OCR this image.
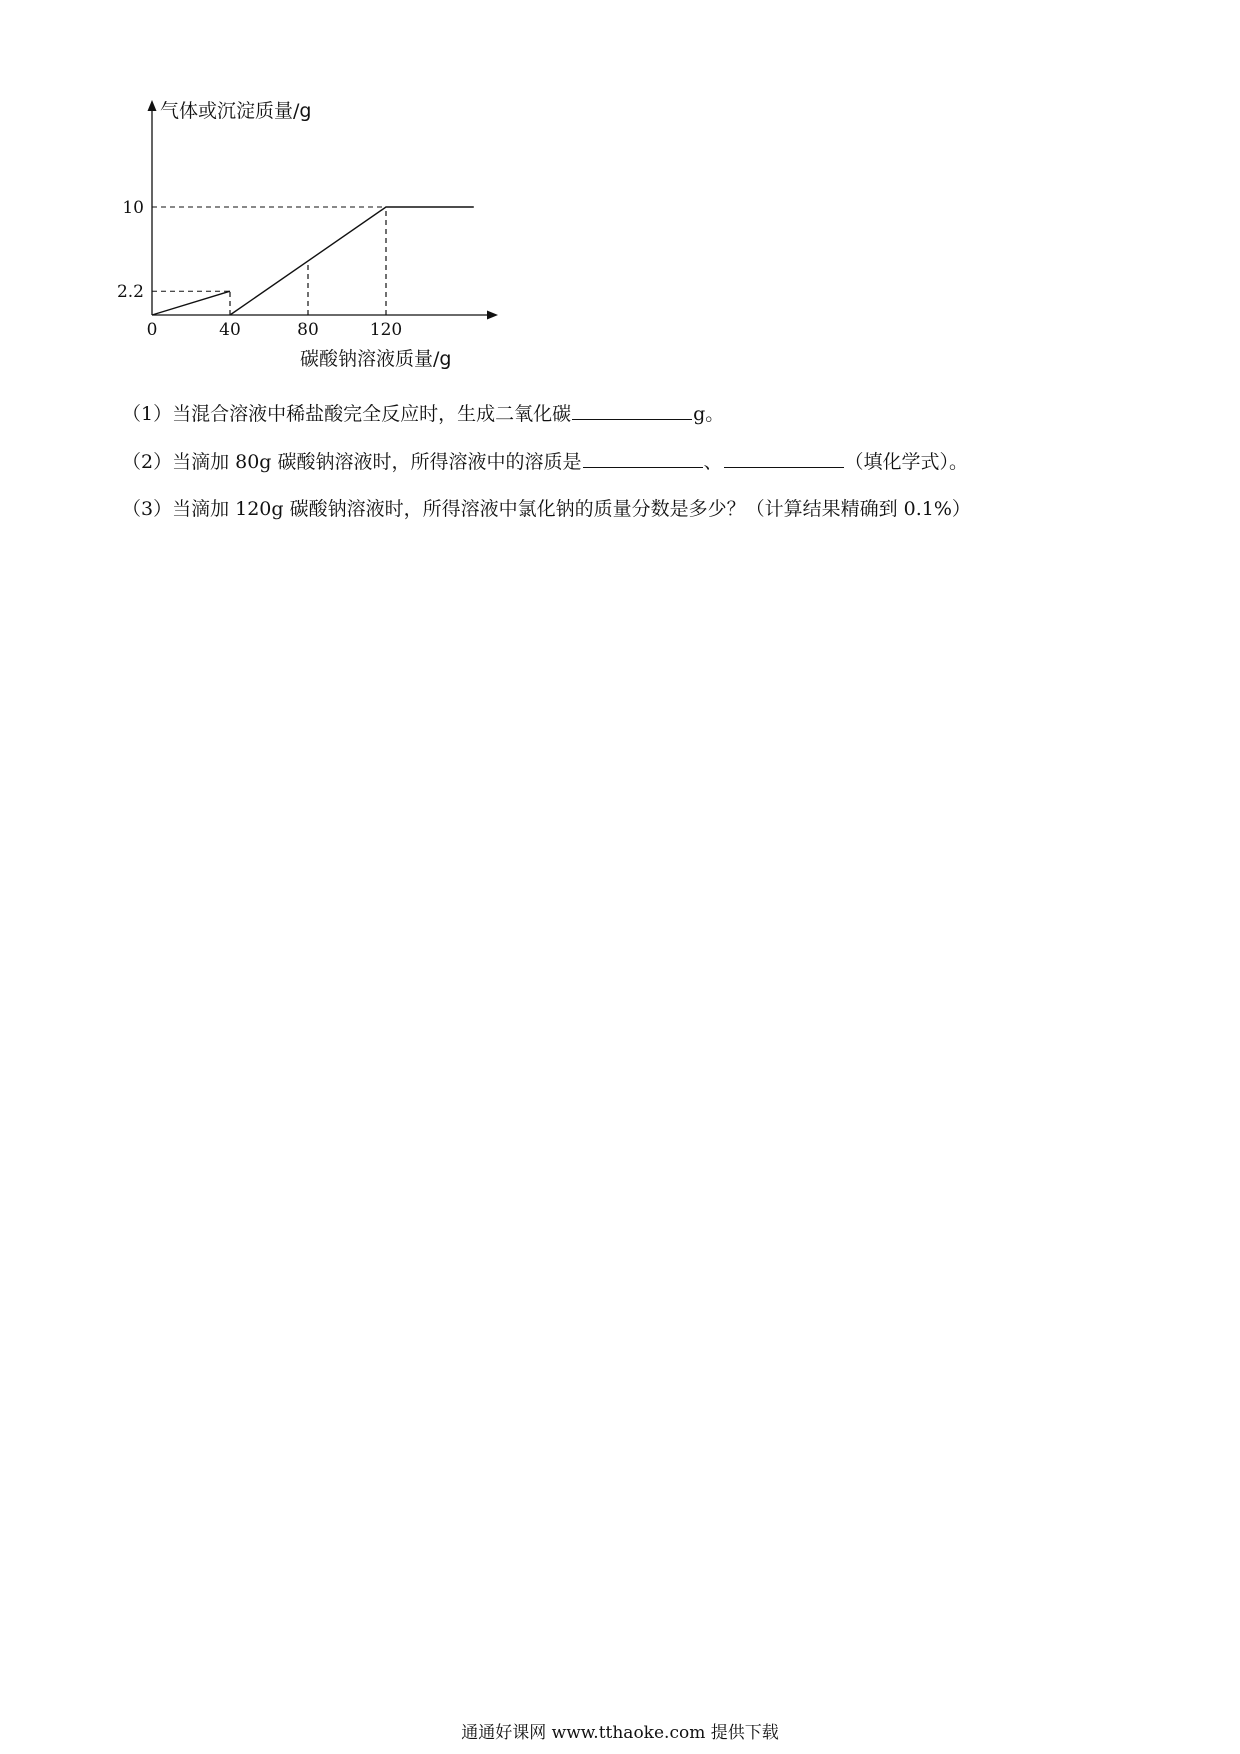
气体或沉淀质量/g
碳酸钠溶液质量/g
0	40	80	120
2.2
10
（1）当混合溶液中稀盐酸完全反应时，生成二氧化碳	g。
（2）当滴加 80g 碳酸钠溶液时，所得溶液中的溶质是	、	（填化学式）。
（3）当滴加 120g 碳酸钠溶液时，所得溶液中氯化钠的质量分数是多少？（计算结果精确到 0.1%）
通通好课网 www.tthaoke.com 提供下载
